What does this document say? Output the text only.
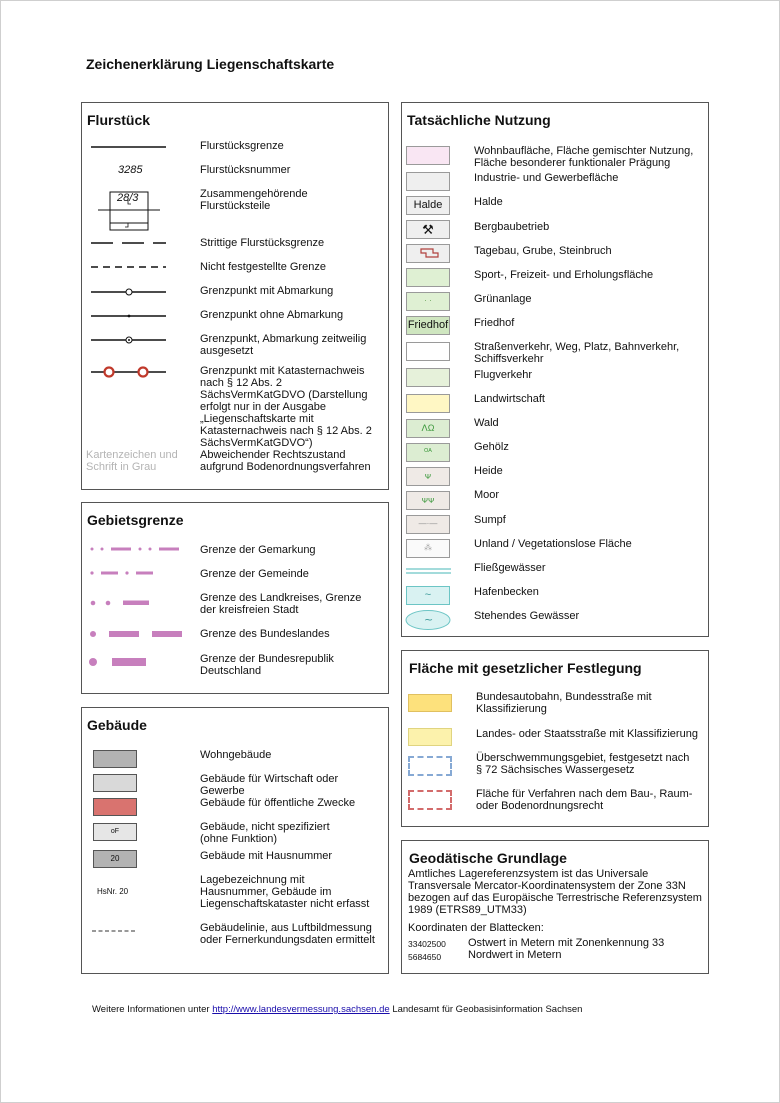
Zeichenerklärung Liegenschaftskarte
Flurstück
3285
28/3
Kartenzeichen und Schrift in Grau
Flurstücksgrenze
Flurstücksnummer
Zusammengehörende Flurstücksteile
Strittige Flurstücksgrenze
Nicht festgestellte Grenze
Grenzpunkt mit Abmarkung
Grenzpunkt ohne Abmarkung
Grenzpunkt, Abmarkung zeitweilig ausgesetzt
Grenzpunkt mit Katasternachweis nach § 12 Abs. 2 SächsVermKatGDVO (Darstellung erfolgt nur in der Ausgabe „Liegenschaftskarte mit Katasternachweis nach § 12 Abs. 2 SächsVermKatGDVO“)
Abweichender Rechtszustand aufgrund Bodenordnungsverfahren
Gebietsgrenze
Grenze der Gemarkung
Grenze der Gemeinde
Grenze des Landkreises, Grenze der kreisfreien Stadt
Grenze des Bundeslandes
Grenze der Bundesrepublik Deutschland
Gebäude
oF
20
HsNr. 20
Wohngebäude
Gebäude für Wirtschaft oder Gewerbe
Gebäude für öffentliche Zwecke
Gebäude, nicht spezifiziert (ohne Funktion)
Gebäude mit Hausnummer
Lagebezeichnung mit Hausnummer, Gebäude im Liegenschaftskataster nicht erfasst
Gebäudelinie, aus Luftbildmessung oder Fernerkundungsdaten ermittelt
Tatsächliche Nutzung
Halde
⚒
· ·
Friedhof
ᐱΩ
ᴼᴬ
ᴪ
ᴪᴪ
—·—
⁂
~
~
Wohnbaufläche, Fläche gemischter Nutzung, Fläche besonderer funktionaler Prägung
Industrie- und Gewerbefläche
Halde
Bergbaubetrieb
Tagebau, Grube, Steinbruch
Sport-, Freizeit- und Erholungsfläche
Grünanlage
Friedhof
Straßenverkehr, Weg, Platz, Bahnverkehr, Schiffsverkehr
Flugverkehr
Landwirtschaft
Wald
Gehölz
Heide
Moor
Sumpf
Unland / Vegetationslose Fläche
Fließgewässer
Hafenbecken
Stehendes Gewässer
Fläche mit gesetzlicher Festlegung
Bundesautobahn, Bundesstraße mit Klassifizierung
Landes- oder Staatsstraße mit Klassifizierung
Überschwemmungsgebiet, festgesetzt nach § 72 Sächsisches Wassergesetz
Fläche für Verfahren nach dem Bau-, Raum- oder Bodenordnungsrecht
Geodätische Grundlage
Amtliches Lagereferenzsystem ist das Universale Transversale Mercator-Koordinatensystem der Zone 33N bezogen auf das Europäische Terrestrische Referenzsystem 1989 (ETRS89_UTM33)
Koordinaten der Blattecken:
33402500 Ostwert in Metern mit Zonenkennung 33
5684650 Nordwert in Metern
Weitere Informationen unter http://www.landesvermessung.sachsen.de Landesamt für Geobasisinformation Sachsen
